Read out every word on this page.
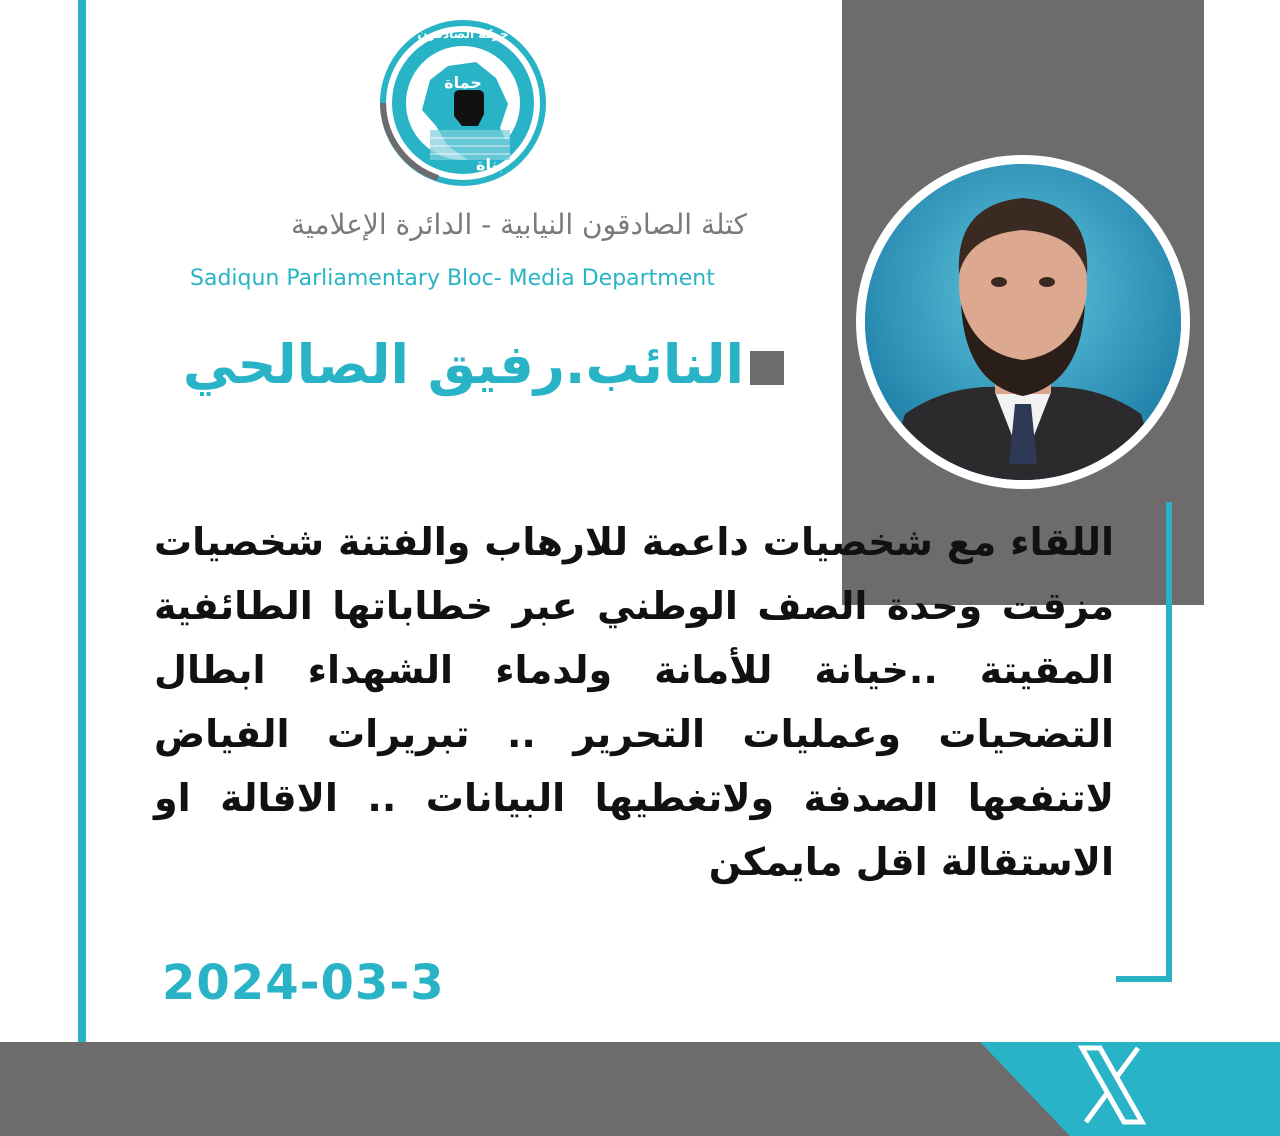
حماة
بناة
حركة الصادقون
كتلة الصادقون النيابية - الدائرة الإعلامية
Sadiqun Parliamentary Bloc- Media Department
النائب.رفيق الصالحي
اللقاء مع شخصيات داعمة للارهاب والفتنة شخصيات مزقت وحدة الصف الوطني عبر خطاباتها الطائفية المقيتة ..خيانة للأمانة ولدماء الشهداء ابطال التضحيات وعمليات التحرير .. تبريرات الفياض لاتنفعها الصدفة ولاتغطيها البيانات .. الاقالة او الاستقالة اقل مايمكن
2024-03-3
